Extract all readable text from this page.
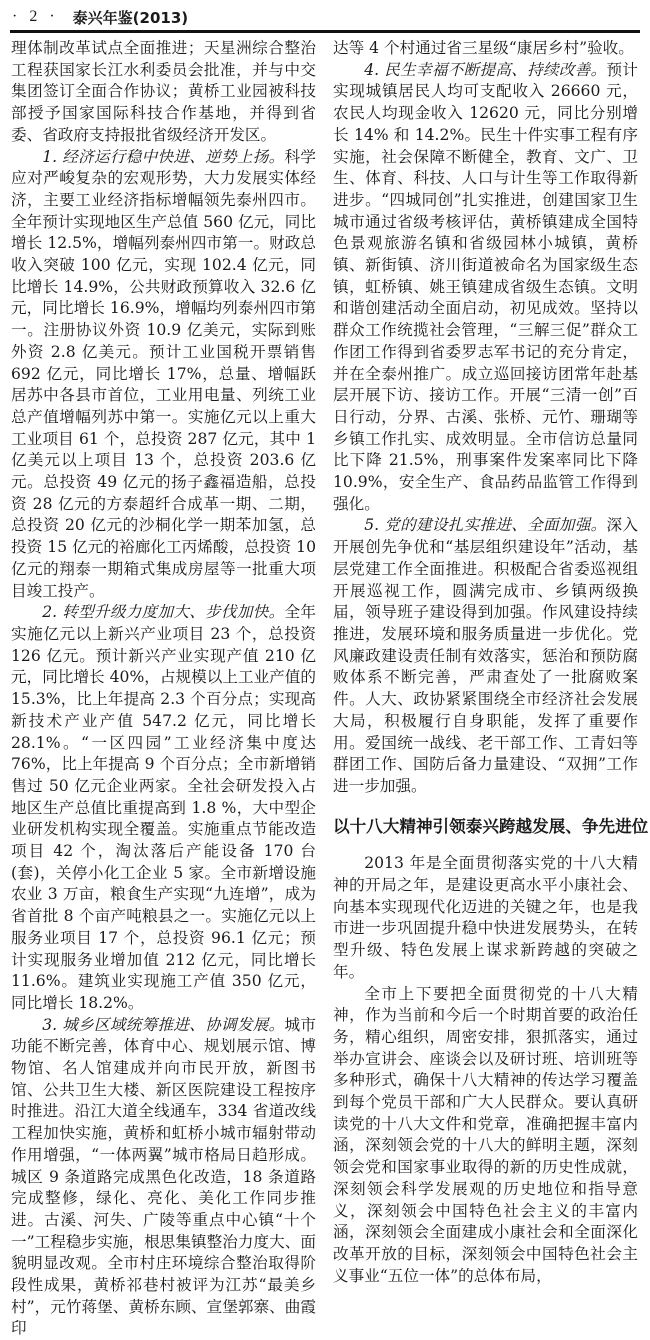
· 2 · 泰兴年鉴(2013)

理体制改革试点全面推进；天星洲综合整治工程获国家长江水利委员会批准，并与中交集团签订全面合作协议；黄桥工业园被科技部授予国家国际科技合作基地，并得到省委、省政府支持报批省级经济开发区。

1. 经济运行稳中快进、逆势上扬。科学应对严峻复杂的宏观形势，大力发展实体经济，主要工业经济指标增幅领先泰州四市。全年预计实现地区生产总值 560 亿元，同比增长 12.5%，增幅列泰州四市第一。财政总收入突破 100 亿元，实现 102.4 亿元，同比增长 14.9%，公共财政预算收入 32.6 亿元，同比增长 16.9%，增幅均列泰州四市第一。注册协议外资 10.9 亿美元，实际到账外资 2.8 亿美元。预计工业国税开票销售 692 亿元，同比增长 17%，总量、增幅跃居苏中各县市首位，工业用电量、列统工业总产值增幅列苏中第一。实施亿元以上重大工业项目 61 个，总投资 287 亿元，其中 1 亿美元以上项目 13 个，总投资 203.6 亿元。总投资 49 亿元的扬子鑫福造船，总投资 28 亿元的方泰超纤合成革一期、二期，总投资 20 亿元的沙桐化学一期苯加氢，总投资 15 亿元的裕廊化工丙烯酸，总投资 10 亿元的翔泰一期箱式集成房屋等一批重大项目竣工投产。

2. 转型升级力度加大、步伐加快。全年实施亿元以上新兴产业项目 23 个，总投资 126 亿元。预计新兴产业实现产值 210 亿元，同比增长 40%，占规模以上工业产值的 15.3%，比上年提高 2.3 个百分点；实现高新技术产业产值 547.2 亿元，同比增长 28.1%。“一区四园”工业经济集中度达 76%，比上年提高 9 个百分点；全市新增销售过 50 亿元企业两家。全社会研发投入占地区生产总值比重提高到 1.8 %，大中型企业研发机构实现全覆盖。实施重点节能改造项目 42 个，淘汰落后产能设备 170 台(套)，关停小化工企业 5 家。全市新增设施农业 3 万亩，粮食生产实现“九连增”，成为省首批 8 个亩产吨粮县之一。实施亿元以上服务业项目 17 个，总投资 96.1 亿元；预计实现服务业增加值 212 亿元，同比增长 11.6%。建筑业实现施工产值 350 亿元，同比增长 18.2%。

3. 城乡区域统筹推进、协调发展。城市功能不断完善，体育中心、规划展示馆、博物馆、名人馆建成并向市民开放，新图书馆、公共卫生大楼、新区医院建设工程按序时推进。沿江大道全线通车，334 省道改线工程加快实施，黄桥和虹桥小城市辐射带动作用增强，“一体两翼”城市格局日趋形成。城区 9 条道路完成黑色化改造，18 条道路完成整修，绿化、亮化、美化工作同步推进。古溪、河失、广陵等重点中心镇“十个一”工程稳步实施，根思集镇整治力度大、面貌明显改观。全市村庄环境综合整治取得阶段性成果，黄桥祁巷村被评为江苏“最美乡村”，元竹蒋堡、黄桥东顾、宣堡郭寨、曲霞印

达等 4 个村通过省三星级“康居乡村”验收。

4. 民生幸福不断提高、持续改善。预计实现城镇居民人均可支配收入 26660 元，农民人均现金收入 12620 元，同比分别增长 14% 和 14.2%。民生十件实事工程有序实施，社会保障不断健全，教育、文广、卫生、体育、科技、人口与计生等工作取得新进步。“四城同创”扎实推进，创建国家卫生城市通过省级考核评估，黄桥镇建成全国特色景观旅游名镇和省级园林小城镇，黄桥镇、新街镇、济川街道被命名为国家级生态镇，虹桥镇、姚王镇建成省级生态镇。文明和谐创建活动全面启动，初见成效。坚持以群众工作统揽社会管理，“三解三促”群众工作团工作得到省委罗志军书记的充分肯定，并在全泰州推广。成立巡回接访团常年赴基层开展下访、接访工作。开展“三清一创”百日行动，分界、古溪、张桥、元竹、珊瑚等乡镇工作扎实、成效明显。全市信访总量同比下降 21.5%，刑事案件发案率同比下降 10.9%，安全生产、食品药品监管工作得到强化。

5. 党的建设扎实推进、全面加强。深入开展创先争优和“基层组织建设年”活动，基层党建工作全面推进。积极配合省委巡视组开展巡视工作，圆满完成市、乡镇两级换届，领导班子建设得到加强。作风建设持续推进，发展环境和服务质量进一步优化。党风廉政建设责任制有效落实，惩治和预防腐败体系不断完善，严肃查处了一批腐败案件。人大、政协紧紧围绕全市经济社会发展大局，积极履行自身职能，发挥了重要作用。爱国统一战线、老干部工作、工青妇等群团工作、国防后备力量建设、“双拥”工作进一步加强。

以十八大精神引领泰兴跨越发展、争先进位

2013 年是全面贯彻落实党的十八大精神的开局之年，是建设更高水平小康社会、向基本实现现代化迈进的关键之年，也是我市进一步巩固提升稳中快进发展势头，在转型升级、特色发展上谋求新跨越的突破之年。

全市上下要把全面贯彻党的十八大精神，作为当前和今后一个时期首要的政治任务，精心组织，周密安排，狠抓落实，通过举办宣讲会、座谈会以及研讨班、培训班等多种形式，确保十八大精神的传达学习覆盖到每个党员干部和广大人民群众。要认真研读党的十八大文件和党章，准确把握丰富内涵，深刻领会党的十八大的鲜明主题，深刻领会党和国家事业取得的新的历史性成就，深刻领会科学发展观的历史地位和指导意义，深刻领会中国特色社会主义的丰富内涵，深刻领会全面建成小康社会和全面深化改革开放的目标，深刻领会中国特色社会主义事业“五位一体”的总体布局，
